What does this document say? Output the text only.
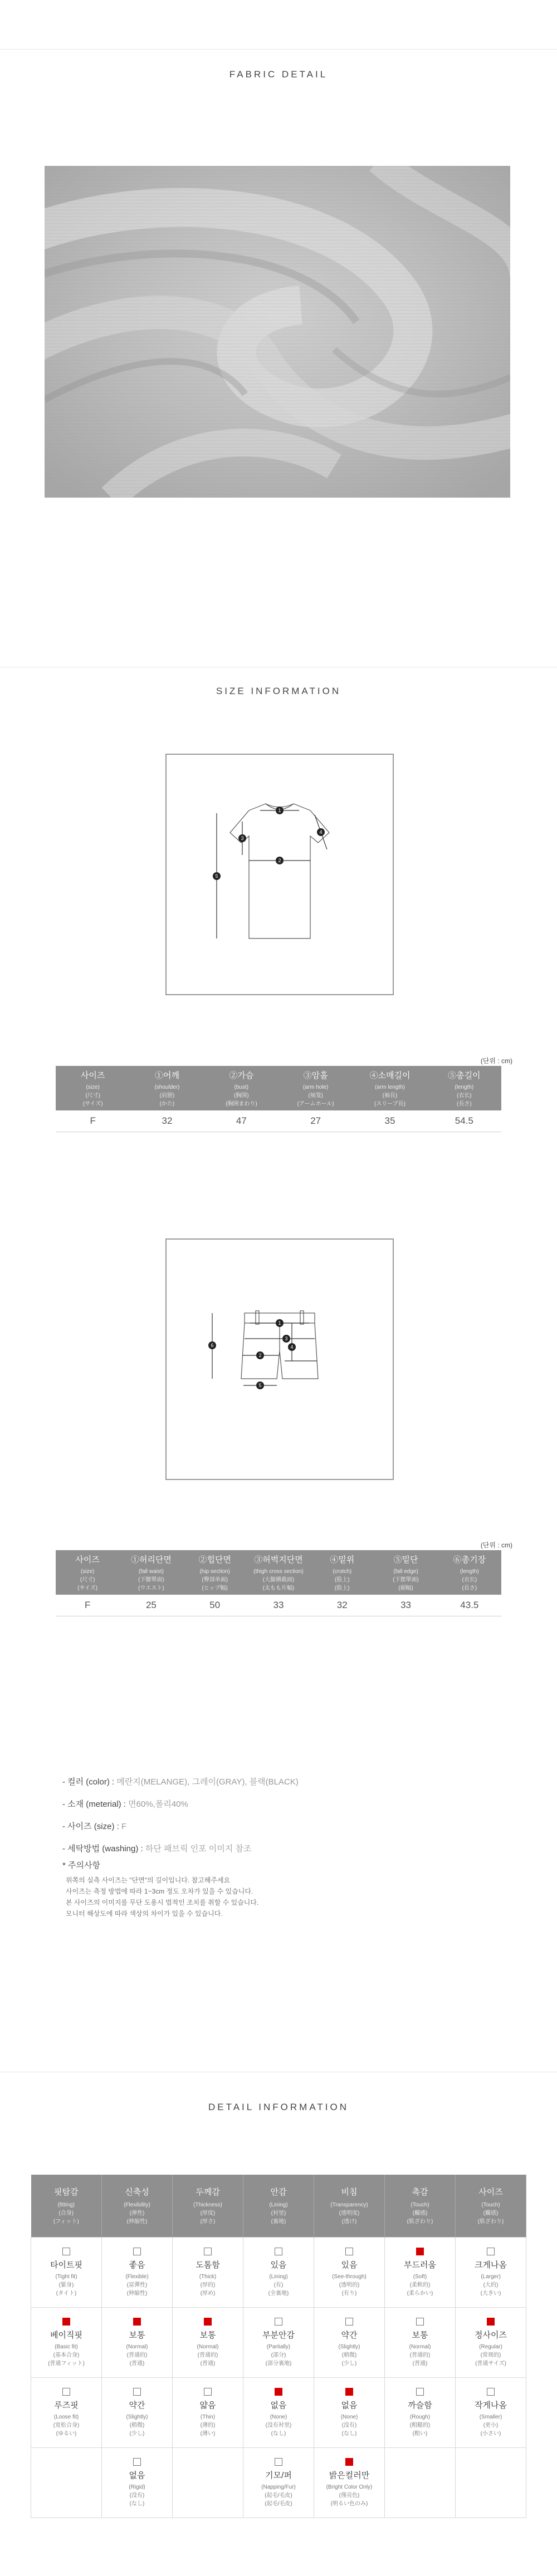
FABRIC DETAIL
SIZE INFORMATION
1
3
2
4
5
(단위 : cm)
사이즈
(size)
(尺寸)
(サイズ)	①어깨
(shoulder)
(肩膀)
(かた)	②가슴
(bust)
(胸围)
(胸囲まわり)	③암홀
(arm hole)
(袖笼)
(アームホール)	④소매길이
(arm length)
(袖長)
(スリーブ長)	⑤총길이
(length)
(衣长)
(長さ)

F	32	47	27	35	54.5
1
2
3
4
5
6
(단위 : cm)
사이즈
(size)
(尺寸)
(サイズ)	①허리단면
(fall waist)
(下腰單面)
(ウエスト)	②힙단면
(hip section)
(臀部单面)
(ヒップ幅)	③허벅지단면
(thigh cross section)
(大腿横截面)
(太もも片幅)	④밑위
(crotch)
(股上)
(股上)	⑤밑단
(fall edge)
(下摆單面)
(裾幅)	⑥총기장
(length)
(衣长)
(長さ)

F	25	50	33	32	33	43.5
- 컬러 (color) : 메란지(MELANGE), 그레이(GRAY), 블랙(BLACK)
- 소재 (meterial) : 면60%,폴리40%
- 사이즈 (size) : F
- 세탁방법 (washing) : 하단 패브릭 인포 이미지 참조
* 주의사항
위쪽의 실측 사이즈는 "단면"의 길이입니다. 참고해주세요
사이즈는 측정 방법에 따라 1~3cm 정도 오차가 있을 수 있습니다.
본 사이즈의 이미지를 무단 도용시 법적인 조치를 취할 수 있습니다.
모니터 해상도에 따라 색상의 차이가 있을 수 있습니다.
DETAIL INFORMATION
핏탐감
(fitting)
(合身)
(フィット)	신축성
(Flexibility)
(弹性)
(伸縮性)	두께감
(Thickness)
(厚度)
(厚さ)	안감
(Lining)
(衬里)
(裏地)	비침
(Transparency)
(透明度)
(透け)	촉감
(Touch)
(觸感)
(肌ざわり)	사이즈
(Touch)
(觸感)
(肌ざわり)

타이트핏
(Tight fit)
(緊身)
(タイト)	좋음
(Flexible)
(富彈性)
(伸縮性)	도톰함
(Thick)
(厚的)
(厚め)	있음
(Lining)
(有)
(全裏地)	있음
(See-through)
(透明的)
(有り)	부드러움
(Soft)
(柔軟的)
(柔らかい)	크게나옴
(Larger)
(大的)
(大きい)

베이직핏
(Basic fit)
(基本合身)
(普通フィット)	보통
(Normal)
(普通的)
(普通)	보통
(Normal)
(普通的)
(普通)	부분안감
(Partially)
(部分)
(部分裏地)	약간
(Slightly)
(稍微)
(少し)	보통
(Normal)
(普通的)
(普通)	정사이즈
(Regular)
(常规的)
(普通サイズ)

루즈핏
(Loose fit)
(宽松合身)
(ゆるい)	약간
(Slightly)
(稍微)
(少し)	얇음
(Thin)
(薄的)
(薄い)	없음
(None)
(没有衬里)
(なし)	없음
(None)
(没有)
(なし)	까슬함
(Rough)
(粗糙的)
(粗い)	작게나옴
(Smaller)
(更小)
(小さい)

	없음
(Rigid)
(没有)
(なし)		기모/퍼
(Napping/Fur)
(起毛/毛皮)
(起毛/毛皮)	밝은컬러만
(Bright Color Only)
(僅亮色)
(明るい色のみ)		
